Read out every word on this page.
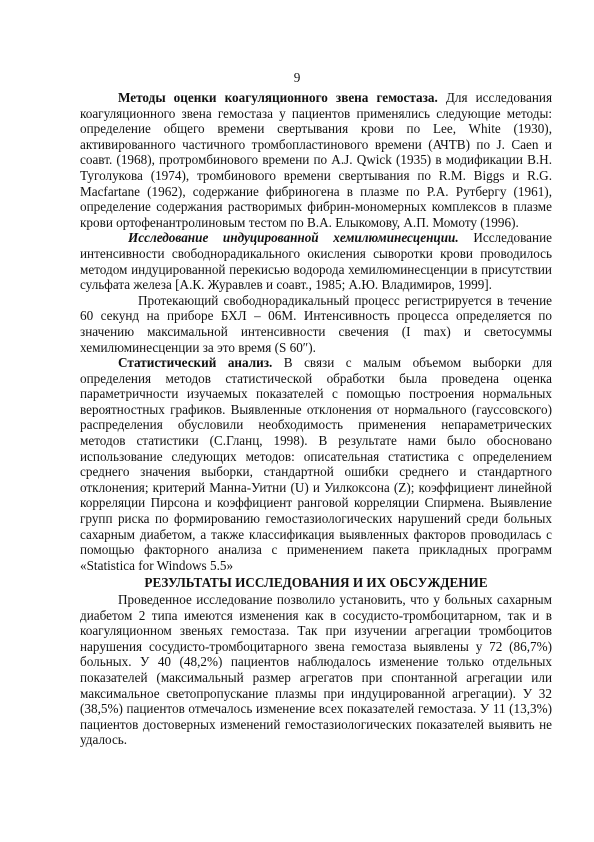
9

Методы оценки коагуляционного звена гемостаза. Для исследования коагуляционного звена гемостаза у пациентов применялись следующие методы: определение общего времени свертывания крови по Lee, White (1930), активированного частичного тромбопластинового времени (АЧТВ) по J. Caen и соавт. (1968), протромбинового времени по A.J. Qwick (1935) в модификации В.Н. Туголукова (1974), тромбинового времени свертывания по R.M. Biggs и R.G. Macfartane (1962), содержание фибриногена в плазме по Р.А. Рутбергу (1961), определение содержания растворимых фибрин-мономерных комплексов в плазме крови ортофенантролиновым тестом по В.А. Елыкомову, А.П. Момоту (1996).

Исследование индуцированной хемилюминесценции. Исследование интенсивности свободнорадикального окисления сыворотки крови проводилось методом индуцированной перекисью водорода хемилюминесценции в присутствии сульфата железа [А.К. Журавлев и соавт., 1985; А.Ю. Владимиров, 1999].

Протекающий свободнорадикальный процесс регистрируется в течение 60 секунд на приборе БХЛ – 06М. Интенсивность процесса определяется по значению максимальной интенсивности свечения (I max) и светосуммы хемилюминесценции за это время (S 60″).

Статистический анализ. В связи с малым объемом выборки для определения методов статистической обработки была проведена оценка параметричности изучаемых показателей с помощью построения нормальных вероятностных графиков. Выявленные отклонения от нормального (гауссовского) распределения обусловили необходимость применения непараметрических методов статистики (С.Гланц, 1998). В результате нами было обосновано использование следующих методов: описательная статистика с определением среднего значения выборки, стандартной ошибки среднего и стандартного отклонения; критерий Манна-Уитни (U) и Уилкоксона (Z); коэффициент линейной корреляции Пирсона и коэффициент ранговой корреляции Спирмена. Выявление групп риска по формированию гемостазиологических нарушений среди больных сахарным диабетом, а также классификация выявленных факторов проводилась с помощью факторного анализа с применением пакета прикладных программ «Statistica for Windows 5.5»

РЕЗУЛЬТАТЫ ИССЛЕДОВАНИЯ И ИХ ОБСУЖДЕНИЕ

Проведенное исследование позволило установить, что у больных сахарным диабетом 2 типа имеются изменения как в сосудисто-тромбоцитарном, так и в коагуляционном звеньях гемостаза. Так при изучении агрегации тромбоцитов нарушения сосудисто-тромбоцитарного звена гемостаза выявлены у 72 (86,7%) больных. У 40 (48,2%) пациентов наблюдалось изменение только отдельных показателей (максимальный размер агрегатов при спонтанной агрегации или максимальное светопропускание плазмы при индуцированной агрегации). У 32 (38,5%) пациентов отмечалось изменение всех показателей гемостаза. У 11 (13,3%) пациентов достоверных изменений гемостазиологических показателей выявить не удалось.
